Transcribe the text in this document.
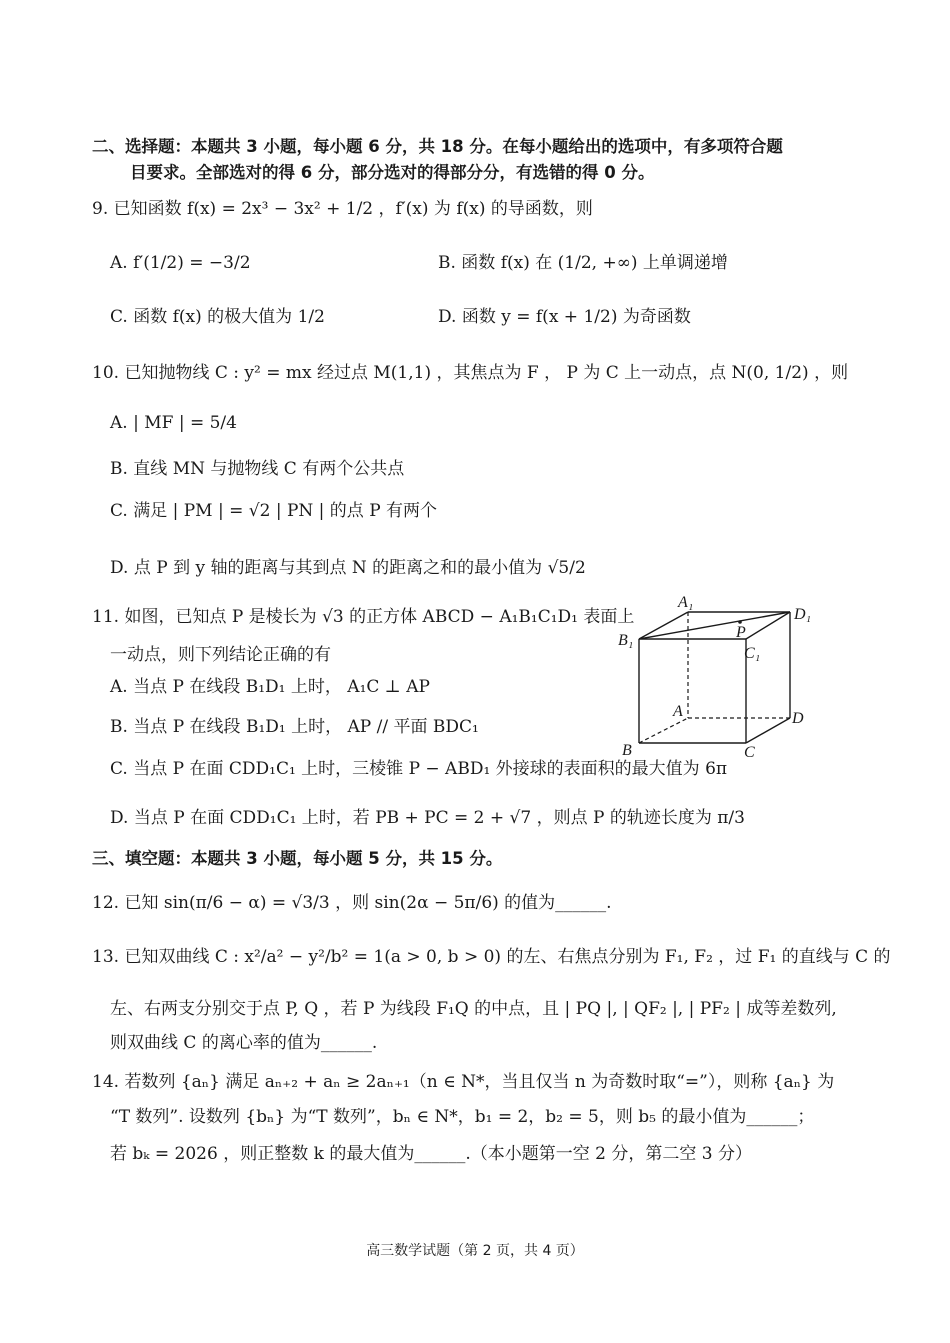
二、选择题：本题共 3 小题，每小题 6 分，共 18 分。在每小题给出的选项中，有多项符合题
目要求。全部选对的得 6 分，部分选对的得部分分，有选错的得 0 分。
9. 已知函数 f(x) = 2x³ − 3x² + 1/2 ，f′(x) 为 f(x) 的导函数，则
A. f′(1/2) = −3/2	B. 函数 f(x) 在 (1/2, +∞) 上单调递增
C. 函数 f(x) 的极大值为 1/2	D. 函数 y = f(x + 1/2) 为奇函数
10. 已知抛物线 C : y² = mx 经过点 M(1,1) ，其焦点为 F ， P 为 C 上一动点，点 N(0, 1/2) ，则
A. | MF | = 5/4
B. 直线 MN 与抛物线 C 有两个公共点
C. 满足 | PM | = √2 | PN | 的点 P 有两个
D. 点 P 到 y 轴的距离与其到点 N 的距离之和的最小值为 √5/2
11. 如图，已知点 P 是棱长为 √3 的正方体 ABCD − A₁B₁C₁D₁ 表面上
一动点，则下列结论正确的有
A. 当点 P 在线段 B₁D₁ 上时， A₁C ⊥ AP
B. 当点 P 在线段 B₁D₁ 上时， AP // 平面 BDC₁
C. 当点 P 在面 CDD₁C₁ 上时，三棱锥 P − ABD₁ 外接球的表面积的最大值为 6π
D. 当点 P 在面 CDD₁C₁ 上时，若 PB + PC = 2 + √7 ，则点 P 的轨迹长度为 π/3
A₁
D₁
B₁
C₁
P
A	D
B	C
三、填空题：本题共 3 小题，每小题 5 分，共 15 分。
12. 已知 sin(π/6 − α) = √3/3 ，则 sin(2α − 5π/6) 的值为______.
13. 已知双曲线 C : x²/a² − y²/b² = 1(a > 0, b > 0) 的左、右焦点分别为 F₁, F₂ ，过 F₁ 的直线与 C 的
左、右两支分别交于点 P, Q ，若 P 为线段 F₁Q 的中点，且 | PQ |, | QF₂ |, | PF₂ | 成等差数列,
则双曲线 C 的离心率的值为______.
14. 若数列 {aₙ} 满足 aₙ₊₂ + aₙ ≥ 2aₙ₊₁（n ∈ N*，当且仅当 n 为奇数时取“=”），则称 {aₙ} 为
“T 数列”. 设数列 {bₙ} 为“T 数列”，bₙ ∈ N*，b₁ = 2，b₂ = 5，则 b₅ 的最小值为______；
若 bₖ = 2026 ，则正整数 k 的最大值为______.（本小题第一空 2 分，第二空 3 分）
高三数学试题（第 2 页，共 4 页）
